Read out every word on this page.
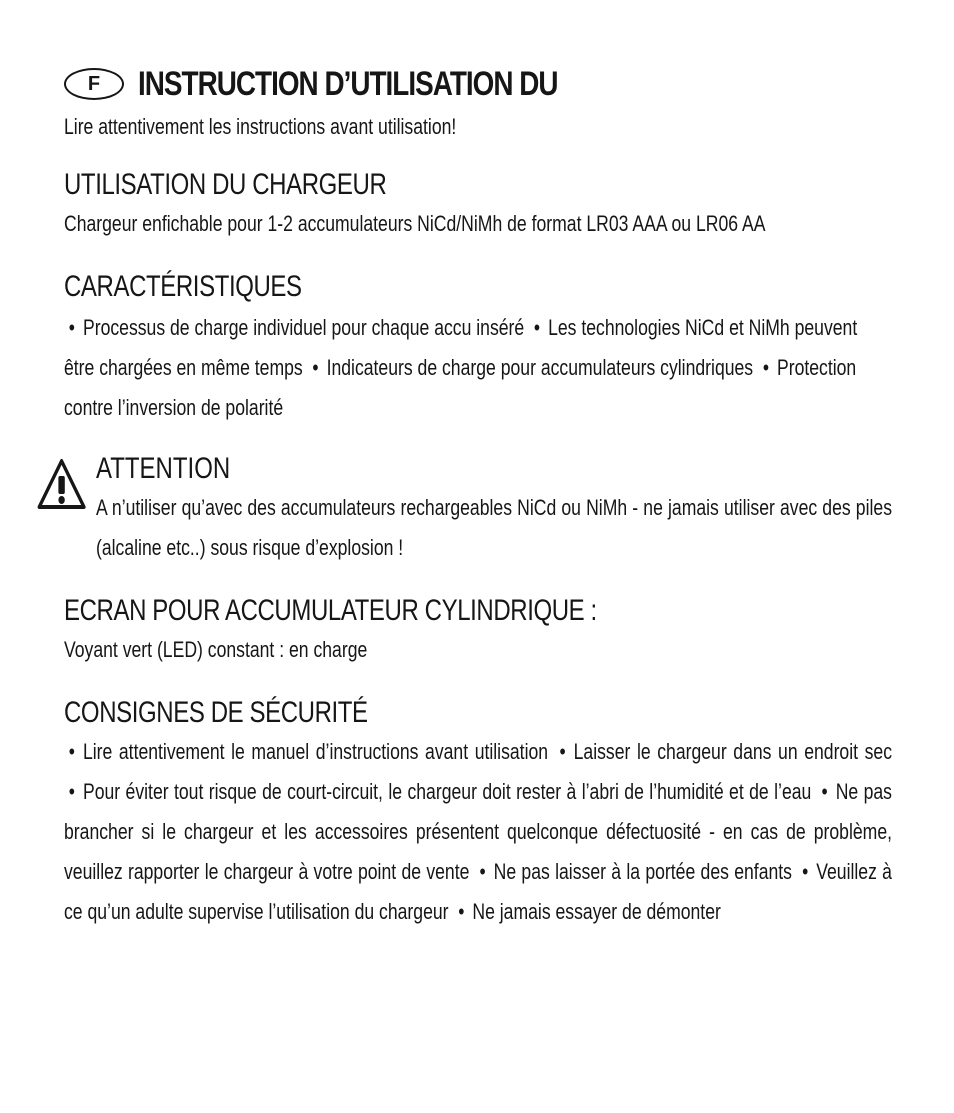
F	INSTRUCTION D’UTILISATION DU
Lire attentivement les instructions avant utilisation!
UTILISATION DU CHARGEUR
Chargeur enfichable pour 1-2 accumulateurs NiCd/NiMh de format LR03 AAA ou LR06 AA
CARACTÉRISTIQUES
• Processus de charge individuel pour chaque accu inséré • Les technologies NiCd et NiMh peuvent être chargées en même temps • Indicateurs de charge pour accumulateurs cylindriques • Protection contre l’inversion de polarité
ATTENTION
A n’utiliser qu’avec des accumulateurs rechargeables NiCd ou NiMh - ne jamais utiliser avec des piles (alcaline etc..) sous risque d’explosion !
ECRAN POUR ACCUMULATEUR CYLINDRIQUE :
Voyant vert (LED) constant : en charge
CONSIGNES DE SÉCURITÉ
• Lire attentivement le manuel d’instructions avant utilisation • Laisser le chargeur dans un endroit sec • Pour éviter tout risque de court-circuit, le chargeur doit rester à l’abri de l’humidité et de l’eau • Ne pas brancher si le chargeur et les accessoires présentent quelconque défectuosité - en cas de problème, veuillez rapporter le chargeur à votre point de vente • Ne pas laisser à la portée des enfants • Veuillez à ce qu’un adulte supervise l’utilisation du chargeur • Ne jamais essayer de démonter
